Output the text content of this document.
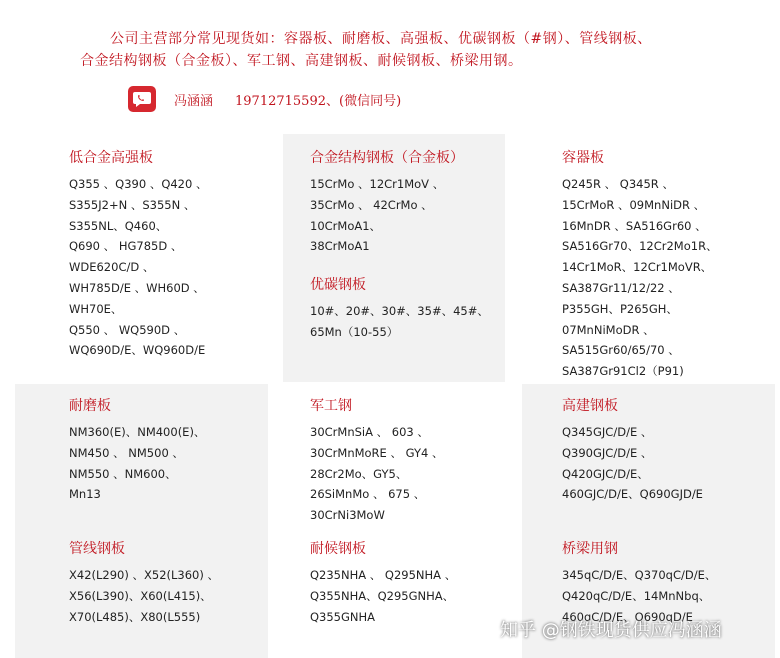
公司主营部分常见现货如：容器板、耐磨板、高强板、优碳钢板（#钢）、管线钢板、
合金结构钢板（合金板）、军工钢、高建钢板、耐候钢板、桥梁用钢。
冯涵涵 19712715592、(微信同号)
低合金高强板
Q355 、Q390 、Q420 、
S355J2+N 、S355N 、
S355NL、Q460、
Q690 、 HG785D 、
WDE620C/D 、
WH785D/E 、WH60D 、
WH70E、
Q550 、 WQ590D 、
WQ690D/E、WQ960D/E
合金结构钢板（合金板）
15CrMo 、12Cr1MoV 、
35CrMo 、 42CrMo 、
10CrMoA1、
38CrMoA1
优碳钢板
10#、20#、30#、35#、45#、
65Mn（10-55）
容器板
Q245R 、 Q345R 、
15CrMoR 、09MnNiDR 、
16MnDR 、SA516Gr60 、
SA516Gr70、12Cr2Mo1R、
14Cr1MoR、12Cr1MoVR、
SA387Gr11/12/22 、
P355GH、P265GH、
07MnNiMoDR 、
SA515Gr60/65/70 、
SA387Gr91Cl2（P91)
耐磨板
NM360(E)、NM400(E)、
NM450 、 NM500 、
NM550 、NM600、
Mn13
管线钢板
X42(L290) 、X52(L360) 、
X56(L390)、X60(L415)、
X70(L485)、X80(L555)
军工钢
30CrMnSiA 、 603 、
30CrMnMoRE 、 GY4 、
28Cr2Mo、GY5、
26SiMnMo 、 675 、
30CrNi3MoW
耐候钢板
Q235NHA 、 Q295NHA 、
Q355NHA、Q295GNHA、
Q355GNHA
高建钢板
Q345GJC/D/E 、
Q390GJC/D/E 、
Q420GJC/D/E、
460GJC/D/E、Q690GJD/E
桥梁用钢
345qC/D/E、Q370qC/D/E、
Q420qC/D/E、14MnNbq、
460qC/D/E、Q690qD/E
知乎 @钢铁现货供应冯涵涵
